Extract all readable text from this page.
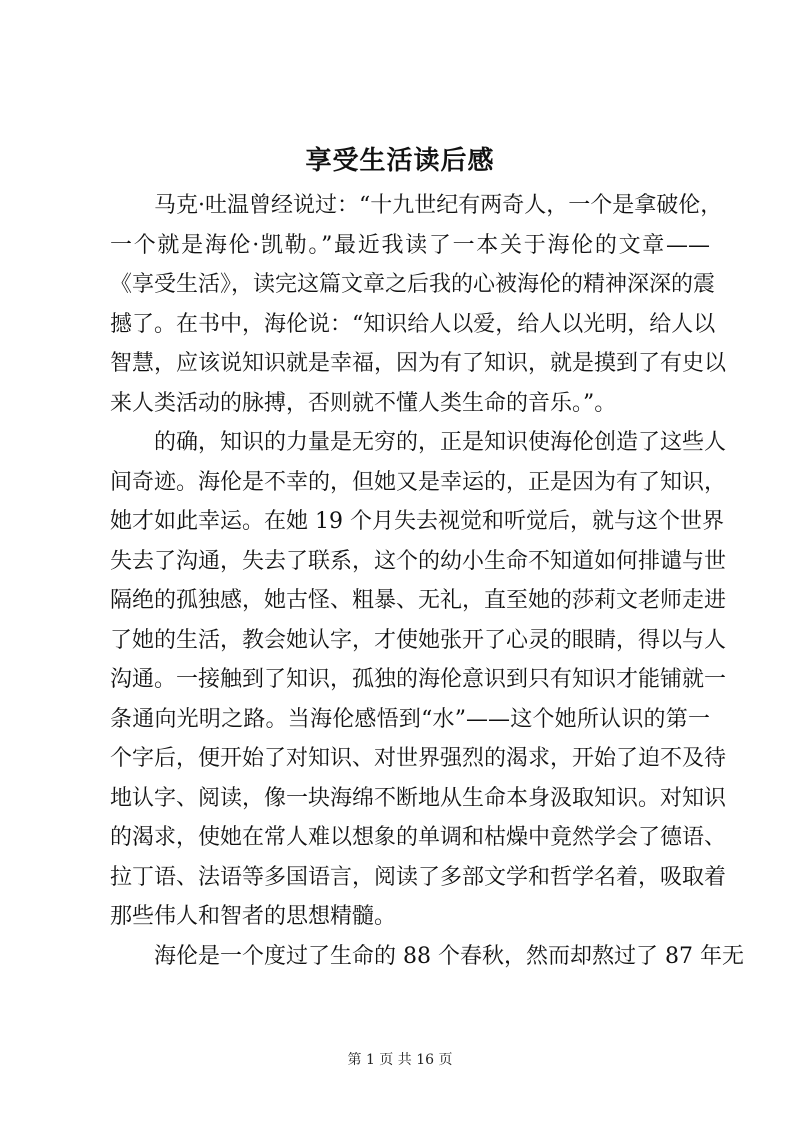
享受生活读后感
马克·吐温曾经说过：“十九世纪有两奇人，一个是拿破伦，
一个就是海伦·凯勒。”最近我读了一本关于海伦的文章——
《享受生活》，读完这篇文章之后我的心被海伦的精神深深的震
撼了。在书中，海伦说：“知识给人以爱，给人以光明，给人以
智慧，应该说知识就是幸福，因为有了知识，就是摸到了有史以
来人类活动的脉搏，否则就不懂人类生命的音乐。”。
的确，知识的力量是无穷的，正是知识使海伦创造了这些人
间奇迹。海伦是不幸的，但她又是幸运的，正是因为有了知识，
她才如此幸运。在她 19 个月失去视觉和听觉后，就与这个世界
失去了沟通，失去了联系，这个的幼小生命不知道如何排谴与世
隔绝的孤独感，她古怪、粗暴、无礼，直至她的莎莉文老师走进
了她的生活，教会她认字，才使她张开了心灵的眼睛，得以与人
沟通。一接触到了知识，孤独的海伦意识到只有知识才能铺就一
条通向光明之路。当海伦感悟到“水”——这个她所认识的第一
个字后，便开始了对知识、对世界强烈的渴求，开始了迫不及待
地认字、阅读，像一块海绵不断地从生命本身汲取知识。对知识
的渴求，使她在常人难以想象的单调和枯燥中竟然学会了德语、
拉丁语、法语等多国语言，阅读了多部文学和哲学名着，吸取着
那些伟人和智者的思想精髓。
海伦是一个度过了生命的 88 个春秋，然而却熬过了 87 年无
第 1 页 共 16 页
